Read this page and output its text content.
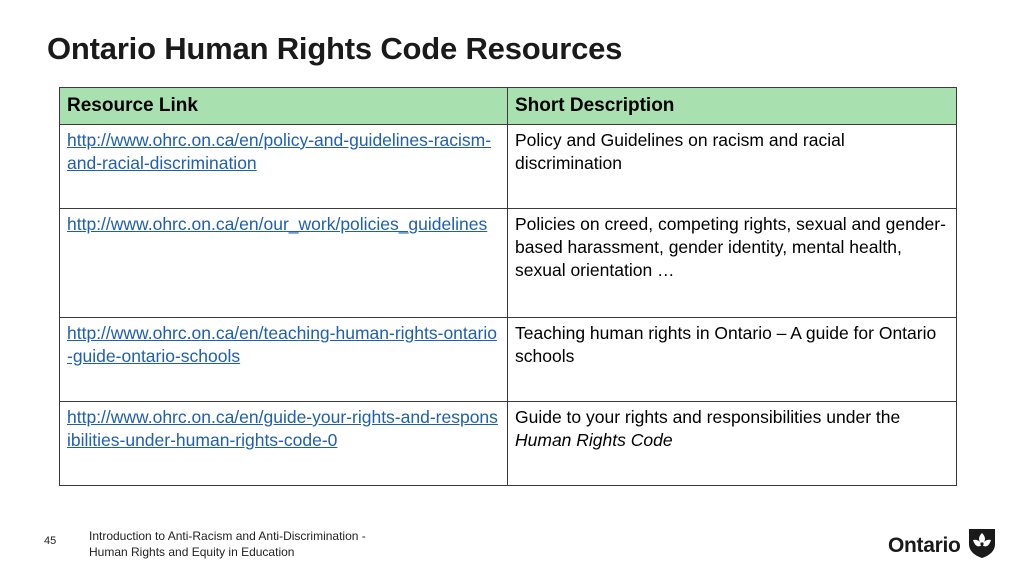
Ontario Human Rights Code Resources
Resource Link	Short Description
http://www.ohrc.on.ca/en/policy-and-guidelines-racism-and-racial-discrimination	Policy and Guidelines on racism and racial discrimination
http://www.ohrc.on.ca/en/our_work/policies_guidelines	Policies on creed, competing rights, sexual and gender-based harassment, gender identity, mental health, sexual orientation …
http://www.ohrc.on.ca/en/teaching-human-rights-ontario-guide-ontario-schools	Teaching human rights in Ontario – A guide for Ontario schools
http://www.ohrc.on.ca/en/guide-your-rights-and-responsibilities-under-human-rights-code-0	Guide to your rights and responsibilities under the Human Rights Code
45	Introduction to Anti-Racism and Anti-Discrimination -
Human Rights and Equity in Education	Ontario
